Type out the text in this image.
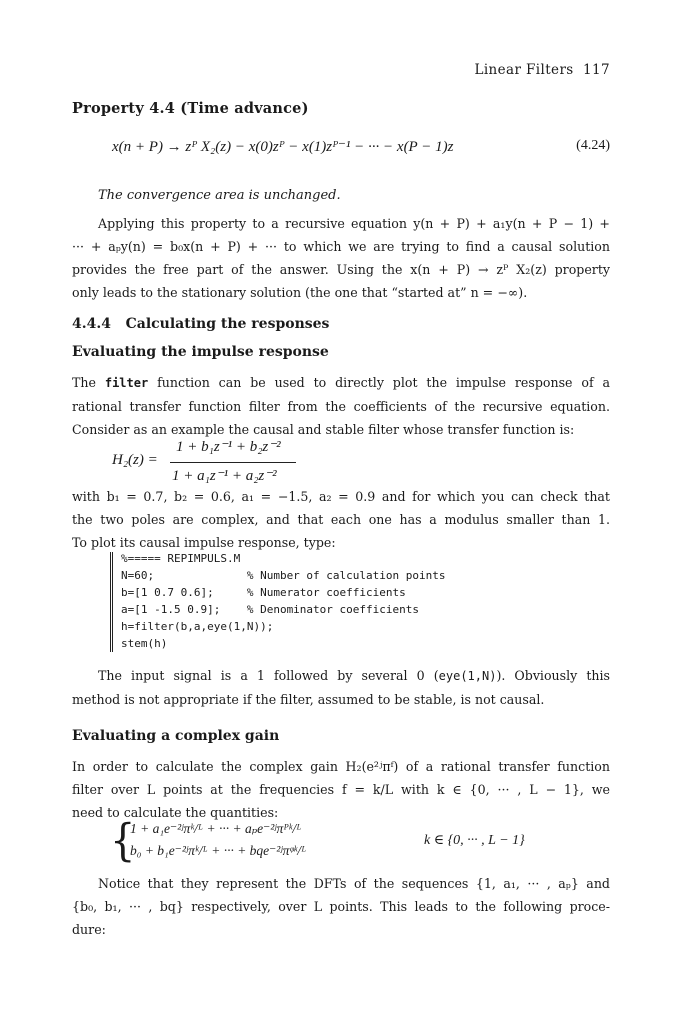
Linear Filters 117
Property 4.4 (Time advance)
x(n + P) → zᴾ X₂(z) − x(0)zᴾ − x(1)zᴾ⁻¹ − ··· − x(P − 1)z	(4.24)
The convergence area is unchanged.
Applying this property to a recursive equation y(n + P) + a₁y(n + P − 1) +
··· + aₚy(n) = b₀x(n + P) + ··· to which we are trying to find a causal solution
provides the free part of the answer. Using the x(n + P) → zᴾ X₂(z) property
only leads to the stationary solution (the one that “started at” n = −∞).
4.4.4 Calculating the responses
Evaluating the impulse response
The filter function can be used to directly plot the impulse response of a
rational transfer function filter from the coefficients of the recursive equation.
Consider as an example the causal and stable filter whose transfer function is:
H₂(z) =
1 + b₁z⁻¹ + b₂z⁻²
1 + a₁z⁻¹ + a₂z⁻²
with b₁ = 0.7, b₂ = 0.6, a₁ = −1.5, a₂ = 0.9 and for which you can check that
the two poles are complex, and that each one has a modulus smaller than 1.
To plot its causal impulse response, type:
%===== REPIMPULS.M
N=60;              % Number of calculation points
b=[1 0.7 0.6];     % Numerator coefficients
a=[1 -1.5 0.9];    % Denominator coefficients
h=filter(b,a,eye(1,N));
stem(h)
The input signal is a 1 followed by several 0 (eye(1,N)). Obviously this
method is not appropriate if the filter, assumed to be stable, is not causal.
Evaluating a complex gain
In order to calculate the complex gain H₂(e²ʲπᶠ) of a rational transfer function
filter over L points at the frequencies f = k/L with k ∈ {0, ··· , L − 1}, we
need to calculate the quantities:
{
1 + a₁e⁻²ʲπᵏ/ᴸ + ··· + aₚe⁻²ʲπᴾᵏ/ᴸ
b₀ + b₁e⁻²ʲπᵏ/ᴸ + ··· + bqe⁻²ʲπᵠᵏ/ᴸ
k ∈ {0, ··· , L − 1}
Notice that they represent the DFTs of the sequences {1, a₁, ··· , aₚ} and
{b₀, b₁, ··· , bq} respectively, over L points. This leads to the following proce-
dure:
